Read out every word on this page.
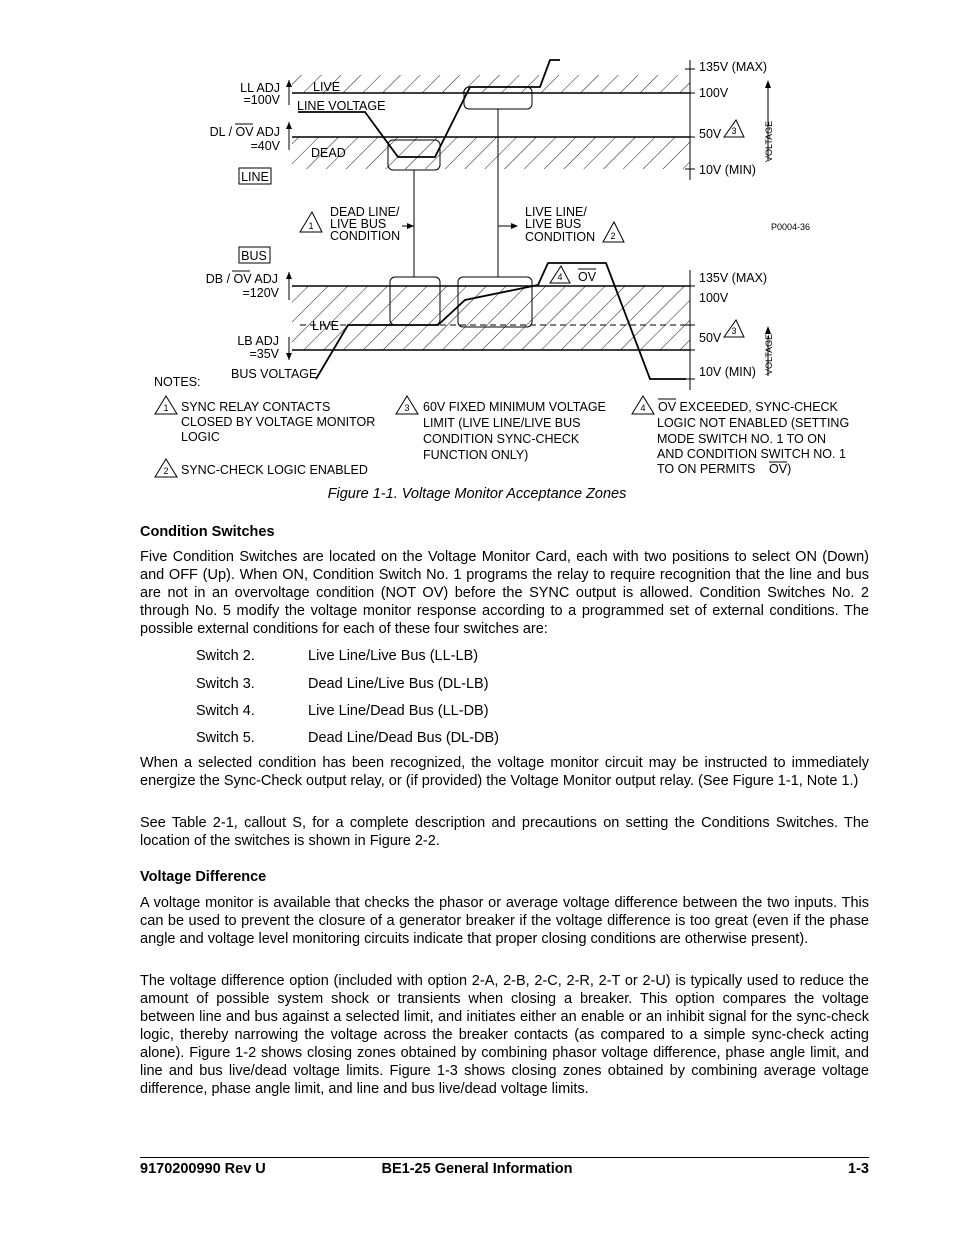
LL ADJ
=100V
DL / OV ADJ
=40V
LINE
LIVE
LINE VOLTAGE
DEAD
135V (MAX)
100V
50V 3
10V (MIN)
VOLTAGE
P0004-36
1
DEAD LINE/
LIVE BUS
CONDITION
LIVE LINE/
LIVE BUS
CONDITION 2
BUS
DB / OV ADJ
=120V
LB ADJ
=35V
LIVE
BUS VOLTAGE
4 OV	135V (MAX)
100V
50V 3
10V (MIN) VOLTAGE
NOTES:
1 SYNC RELAY CONTACTS
CLOSED BY VOLTAGE MONITOR
LOGIC
2 SYNC-CHECK LOGIC ENABLED
3 60V FIXED MINIMUM VOLTAGE
LIMIT (LIVE LINE/LIVE BUS
CONDITION SYNC-CHECK
FUNCTION ONLY)
4 OV EXCEEDED, SYNC-CHECK
LOGIC NOT ENABLED (SETTING
MODE SWITCH NO. 1 TO ON
AND CONDITION SWITCH NO. 1
TO ON PERMITS OV)
Figure 1-1. Voltage Monitor Acceptance Zones
Condition Switches

Five Condition Switches are located on the Voltage Monitor Card, each with two positions to select ON (Down) and OFF (Up). When ON, Condition Switch No. 1 programs the relay to require recognition that the line and bus are not in an overvoltage condition (NOT OV) before the SYNC output is allowed. Condition Switches No. 2 through No. 5 modify the voltage monitor response according to a programmed set of external conditions. The possible external conditions for each of these four switches are:

Switch 2.	Live Line/Live Bus (LL-LB)
Switch 3.	Dead Line/Live Bus (DL-LB)
Switch 4.	Live Line/Dead Bus (LL-DB)
Switch 5.	Dead Line/Dead Bus (DL-DB)

When a selected condition has been recognized, the voltage monitor circuit may be instructed to immediately energize the Sync-Check output relay, or (if provided) the Voltage Monitor output relay. (See Figure 1-1, Note 1.)

See Table 2-1, callout S, for a complete description and precautions on setting the Conditions Switches. The location of the switches is shown in Figure 2-2.

Voltage Difference

A voltage monitor is available that checks the phasor or average voltage difference between the two inputs. This can be used to prevent the closure of a generator breaker if the voltage difference is too great (even if the phase angle and voltage level monitoring circuits indicate that proper closing conditions are otherwise present).

The voltage difference option (included with option 2-A, 2-B, 2-C, 2-R, 2-T or 2-U) is typically used to reduce the amount of possible system shock or transients when closing a breaker. This option compares the voltage between line and bus against a selected limit, and initiates either an enable or an inhibit signal for the sync-check logic, thereby narrowing the voltage across the breaker contacts (as compared to a simple sync-check acting alone). Figure 1-2 shows closing zones obtained by combining phasor voltage difference, phase angle limit, and line and bus live/dead voltage limits. Figure 1-3 shows closing zones obtained by combining average voltage difference, phase angle limit, and line and bus live/dead voltage limits.

9170200990 Rev U	BE1-25 General Information	1-3
